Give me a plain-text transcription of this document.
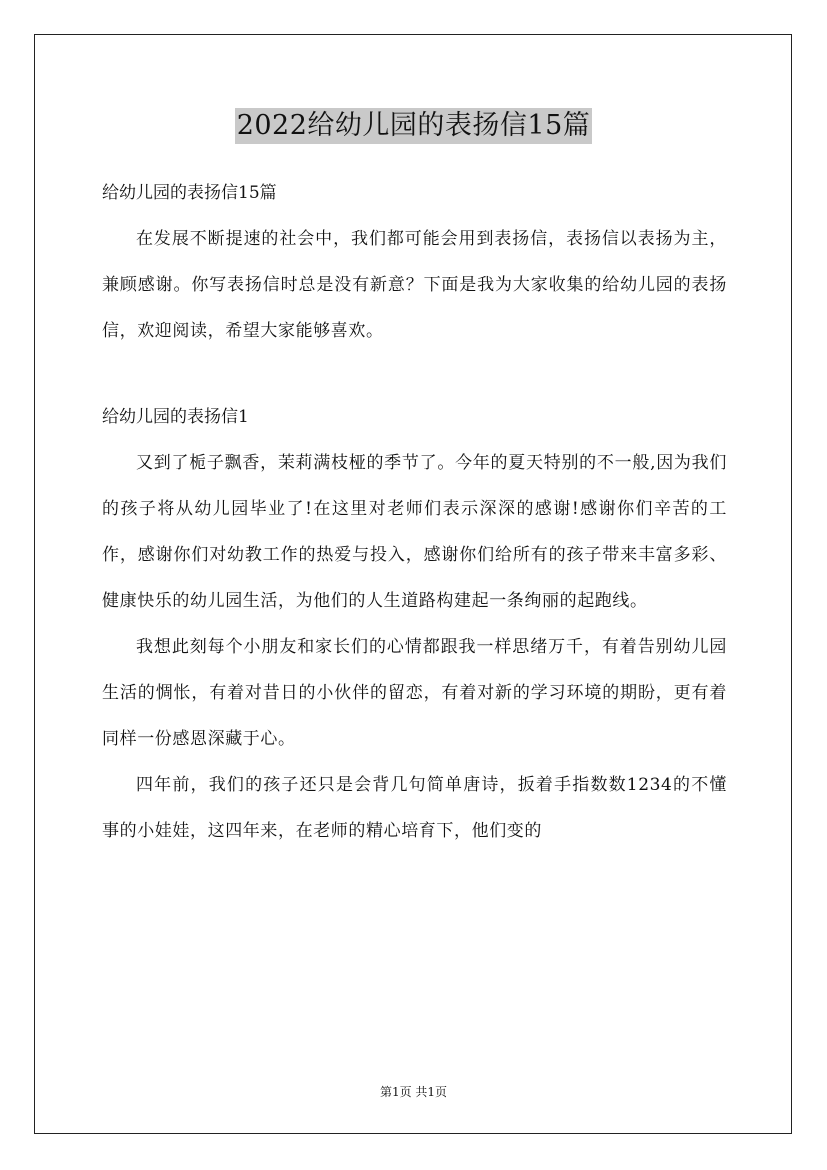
2022给幼儿园的表扬信15篇

给幼儿园的表扬信15篇

在发展不断提速的社会中，我们都可能会用到表扬信，表扬信以表扬为主，兼顾感谢。你写表扬信时总是没有新意？下面是我为大家收集的给幼儿园的表扬信，欢迎阅读，希望大家能够喜欢。

给幼儿园的表扬信1

又到了栀子飘香，茉莉满枝桠的季节了。今年的夏天特别的不一般,因为我们的孩子将从幼儿园毕业了!在这里对老师们表示深深的感谢!感谢你们辛苦的工作，感谢你们对幼教工作的热爱与投入，感谢你们给所有的孩子带来丰富多彩、健康快乐的幼儿园生活，为他们的人生道路构建起一条绚丽的起跑线。

我想此刻每个小朋友和家长们的心情都跟我一样思绪万千，有着告别幼儿园生活的惆怅，有着对昔日的小伙伴的留恋，有着对新的学习环境的期盼，更有着同样一份感恩深藏于心。

四年前，我们的孩子还只是会背几句简单唐诗，扳着手指数数1234的不懂事的小娃娃，这四年来，在老师的精心培育下，他们变的

第1页 共1页
